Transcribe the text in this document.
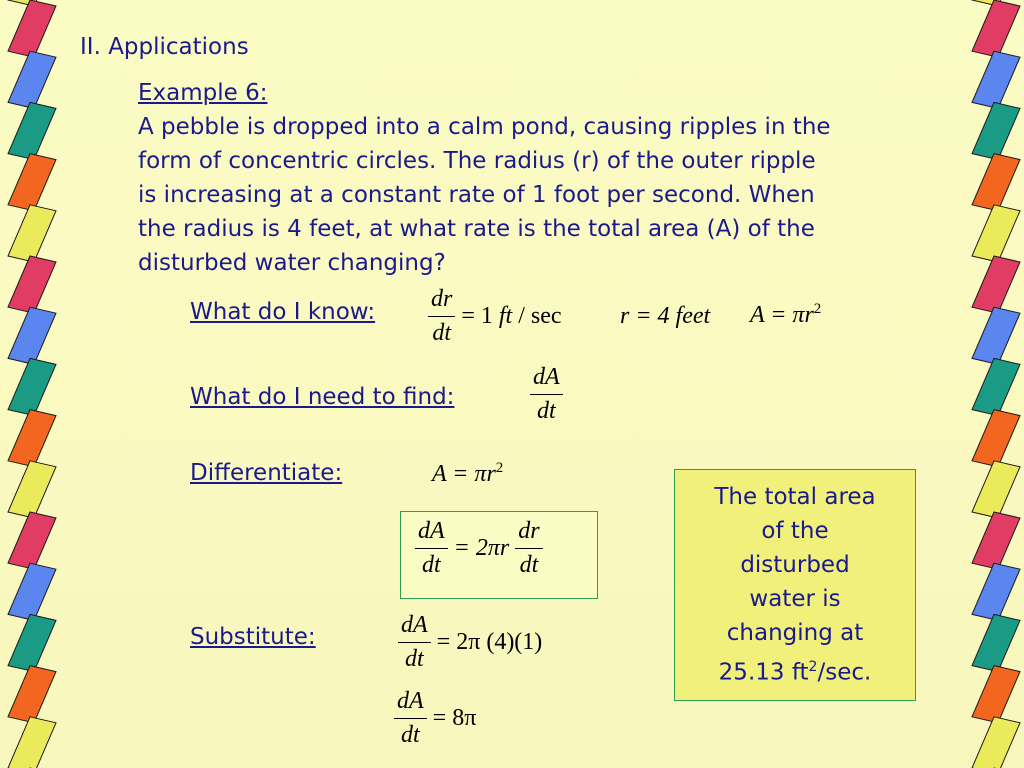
II. Applications
Example 6:
A pebble is dropped into a calm pond, causing ripples in the
form of concentric circles. The radius (r) of the outer ripple
is increasing at a constant rate of 1 foot per second. When
the radius is 4 feet, at what rate is the total area (A) of the
disturbed water changing?
What do I know:
What do I need to find:
Differentiate:
Substitute:
$\frac{dr}{dt} = 1$ ft / sec r = 4 feet $A = \pi r^2$
$\frac{dA}{dt}$
$A = \pi r^2$
$\frac{dA}{dt} = 2\pi r \frac{dr}{dt}$
$\frac{dA}{dt} = 2\pi$ (4)(1)
$\frac{dA}{dt} = 8\pi$
The total area
of the
disturbed
water is
changing at
25.13 $ft^2/\sec$.
